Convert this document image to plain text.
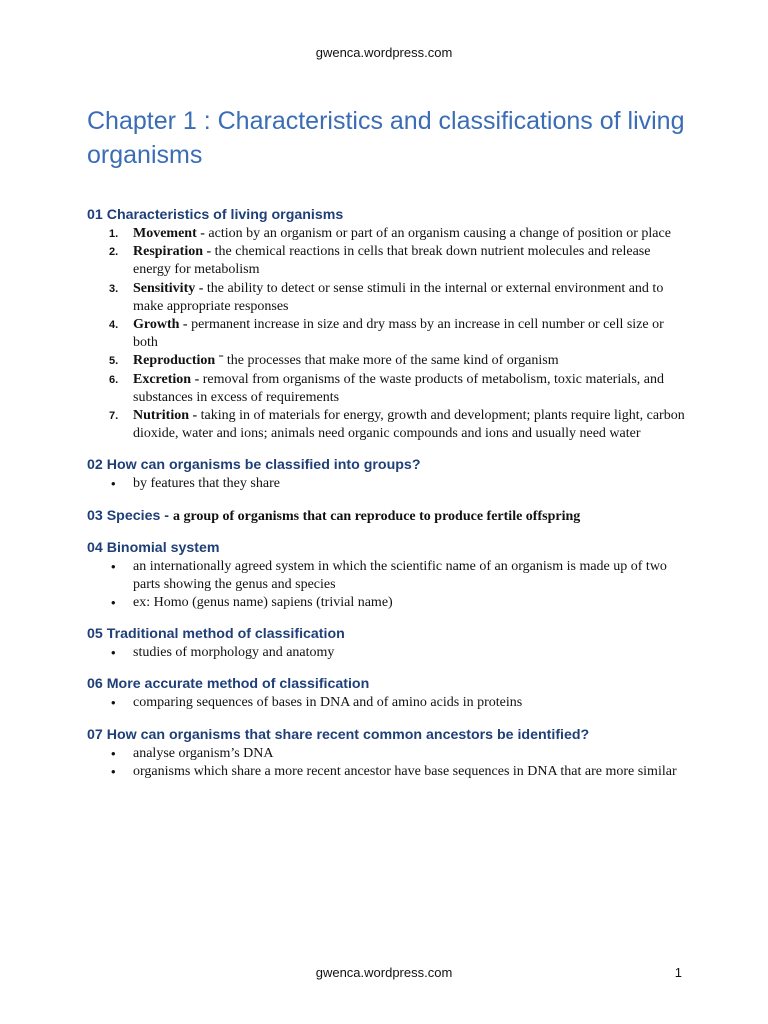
gwenca.wordpress.com
Chapter 1 : Characteristics and classifications of living organisms
01 Characteristics of living organisms
1. Movement - action by an organism or part of an organism causing a change of position or place
2. Respiration - the chemical reactions in cells that break down nutrient molecules and release energy for metabolism
3. Sensitivity - the ability to detect or sense stimuli in the internal or external environment and to make appropriate responses
4. Growth - permanent increase in size and dry mass by an increase in cell number or cell size or both
5. Reproduction ˉ the processes that make more of the same kind of organism
6. Excretion - removal from organisms of the waste products of metabolism, toxic materials, and substances in excess of requirements
7. Nutrition - taking in of materials for energy, growth and development; plants require light, carbon dioxide, water and ions; animals need organic compounds and ions and usually need water
02 How can organisms be classified into groups?
• by features that they share
03 Species - a group of organisms that can reproduce to produce fertile offspring
04 Binomial system
• an internationally agreed system in which the scientific name of an organism is made up of two parts showing the genus and species
• ex: Homo (genus name) sapiens (trivial name)
05 Traditional method of classification
• studies of morphology and anatomy
06 More accurate method of classification
• comparing sequences of bases in DNA and of amino acids in proteins
07 How can organisms that share recent common ancestors be identified?
• analyse organism’s DNA
• organisms which share a more recent ancestor have base sequences in DNA that are more similar
gwenca.wordpress.com	1
